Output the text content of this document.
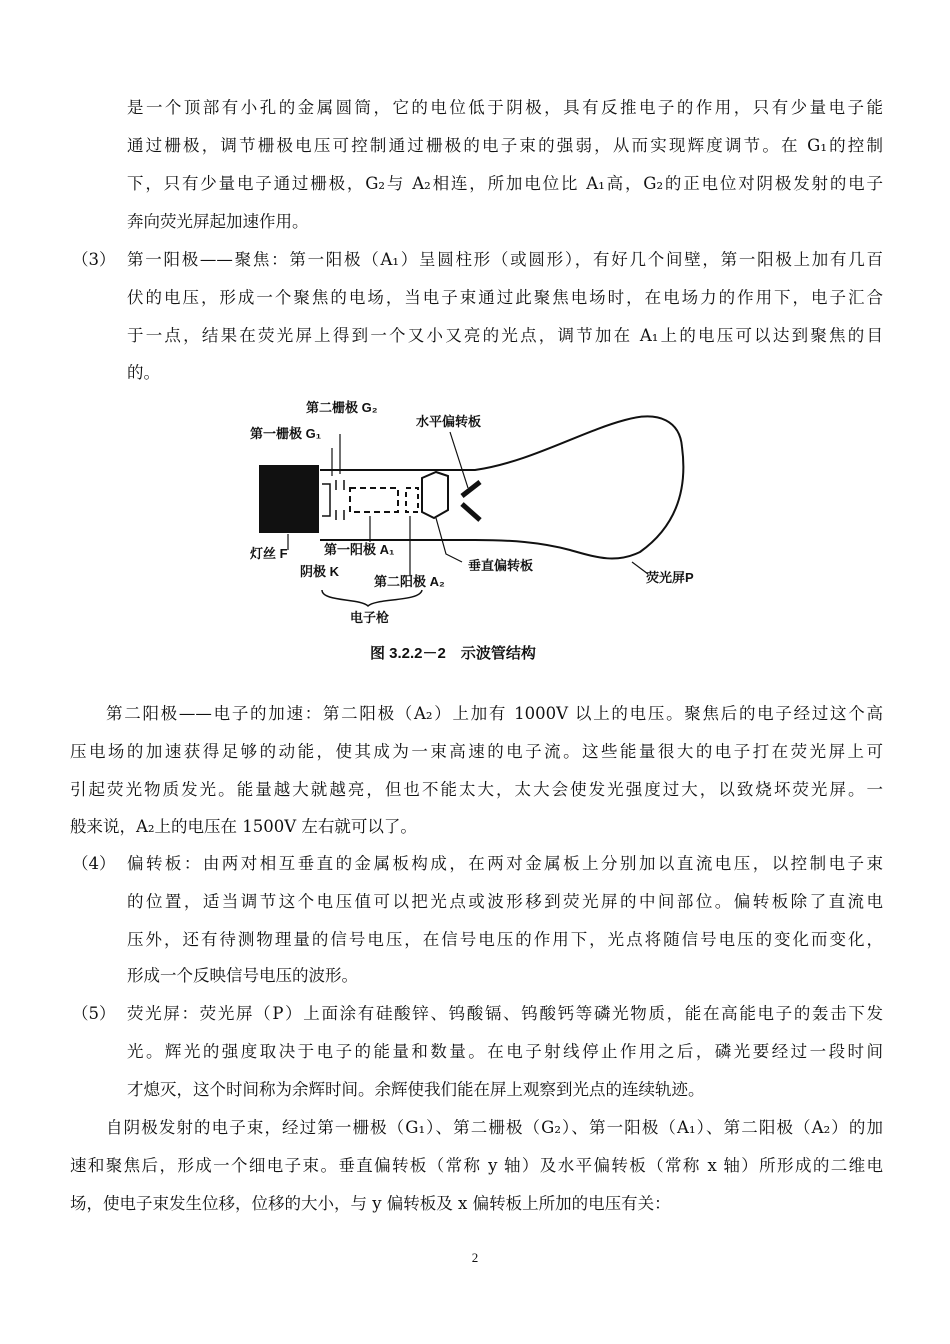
是一个顶部有小孔的金属圆筒，它的电位低于阴极，具有反推电子的作用，只有少量电子能
通过栅极，调节栅极电压可控制通过栅极的电子束的强弱，从而实现辉度调节。在 G₁的控制
下，只有少量电子通过栅极，G₂与 A₂相连，所加电位比 A₁高，G₂的正电位对阴极发射的电子
奔向荧光屏起加速作用。
（3） 第一阳极——聚焦：第一阳极（A₁）呈圆柱形（或圆形），有好几个间壁，第一阳极上加有几百
伏的电压，形成一个聚焦的电场，当电子束通过此聚焦电场时，在电场力的作用下，电子汇合
于一点，结果在荧光屏上得到一个又小又亮的光点，调节加在 A₁上的电压可以达到聚焦的目
的。
第二栅极 G₂
第一栅极 G₁
水平偏转板
灯丝 F	第一阳极 A₁
阴极 K	垂直偏转板
第二阳极 A₂	荧光屏P
电子枪
图 3.2.2－2　示波管结构
第二阳极——电子的加速：第二阳极（A₂）上加有 1000V 以上的电压。聚焦后的电子经过这个高
压电场的加速获得足够的动能，使其成为一束高速的电子流。这些能量很大的电子打在荧光屏上可
引起荧光物质发光。能量越大就越亮，但也不能太大，太大会使发光强度过大，以致烧坏荧光屏。一
般来说，A₂上的电压在 1500V 左右就可以了。
（4） 偏转板：由两对相互垂直的金属板构成，在两对金属板上分别加以直流电压，以控制电子束
的位置，适当调节这个电压值可以把光点或波形移到荧光屏的中间部位。偏转板除了直流电
压外，还有待测物理量的信号电压，在信号电压的作用下，光点将随信号电压的变化而变化，
形成一个反映信号电压的波形。
（5） 荧光屏：荧光屏（P）上面涂有硅酸锌、钨酸镉、钨酸钙等磷光物质，能在高能电子的轰击下发
光。辉光的强度取决于电子的能量和数量。在电子射线停止作用之后，磷光要经过一段时间
才熄灭，这个时间称为余辉时间。余辉使我们能在屏上观察到光点的连续轨迹。
自阴极发射的电子束，经过第一栅极（G₁）、第二栅极（G₂）、第一阳极（A₁）、第二阳极（A₂）的加
速和聚焦后，形成一个细电子束。垂直偏转板（常称 y 轴）及水平偏转板（常称 x 轴）所形成的二维电
场，使电子束发生位移，位移的大小，与 y 偏转板及 x 偏转板上所加的电压有关：
2
